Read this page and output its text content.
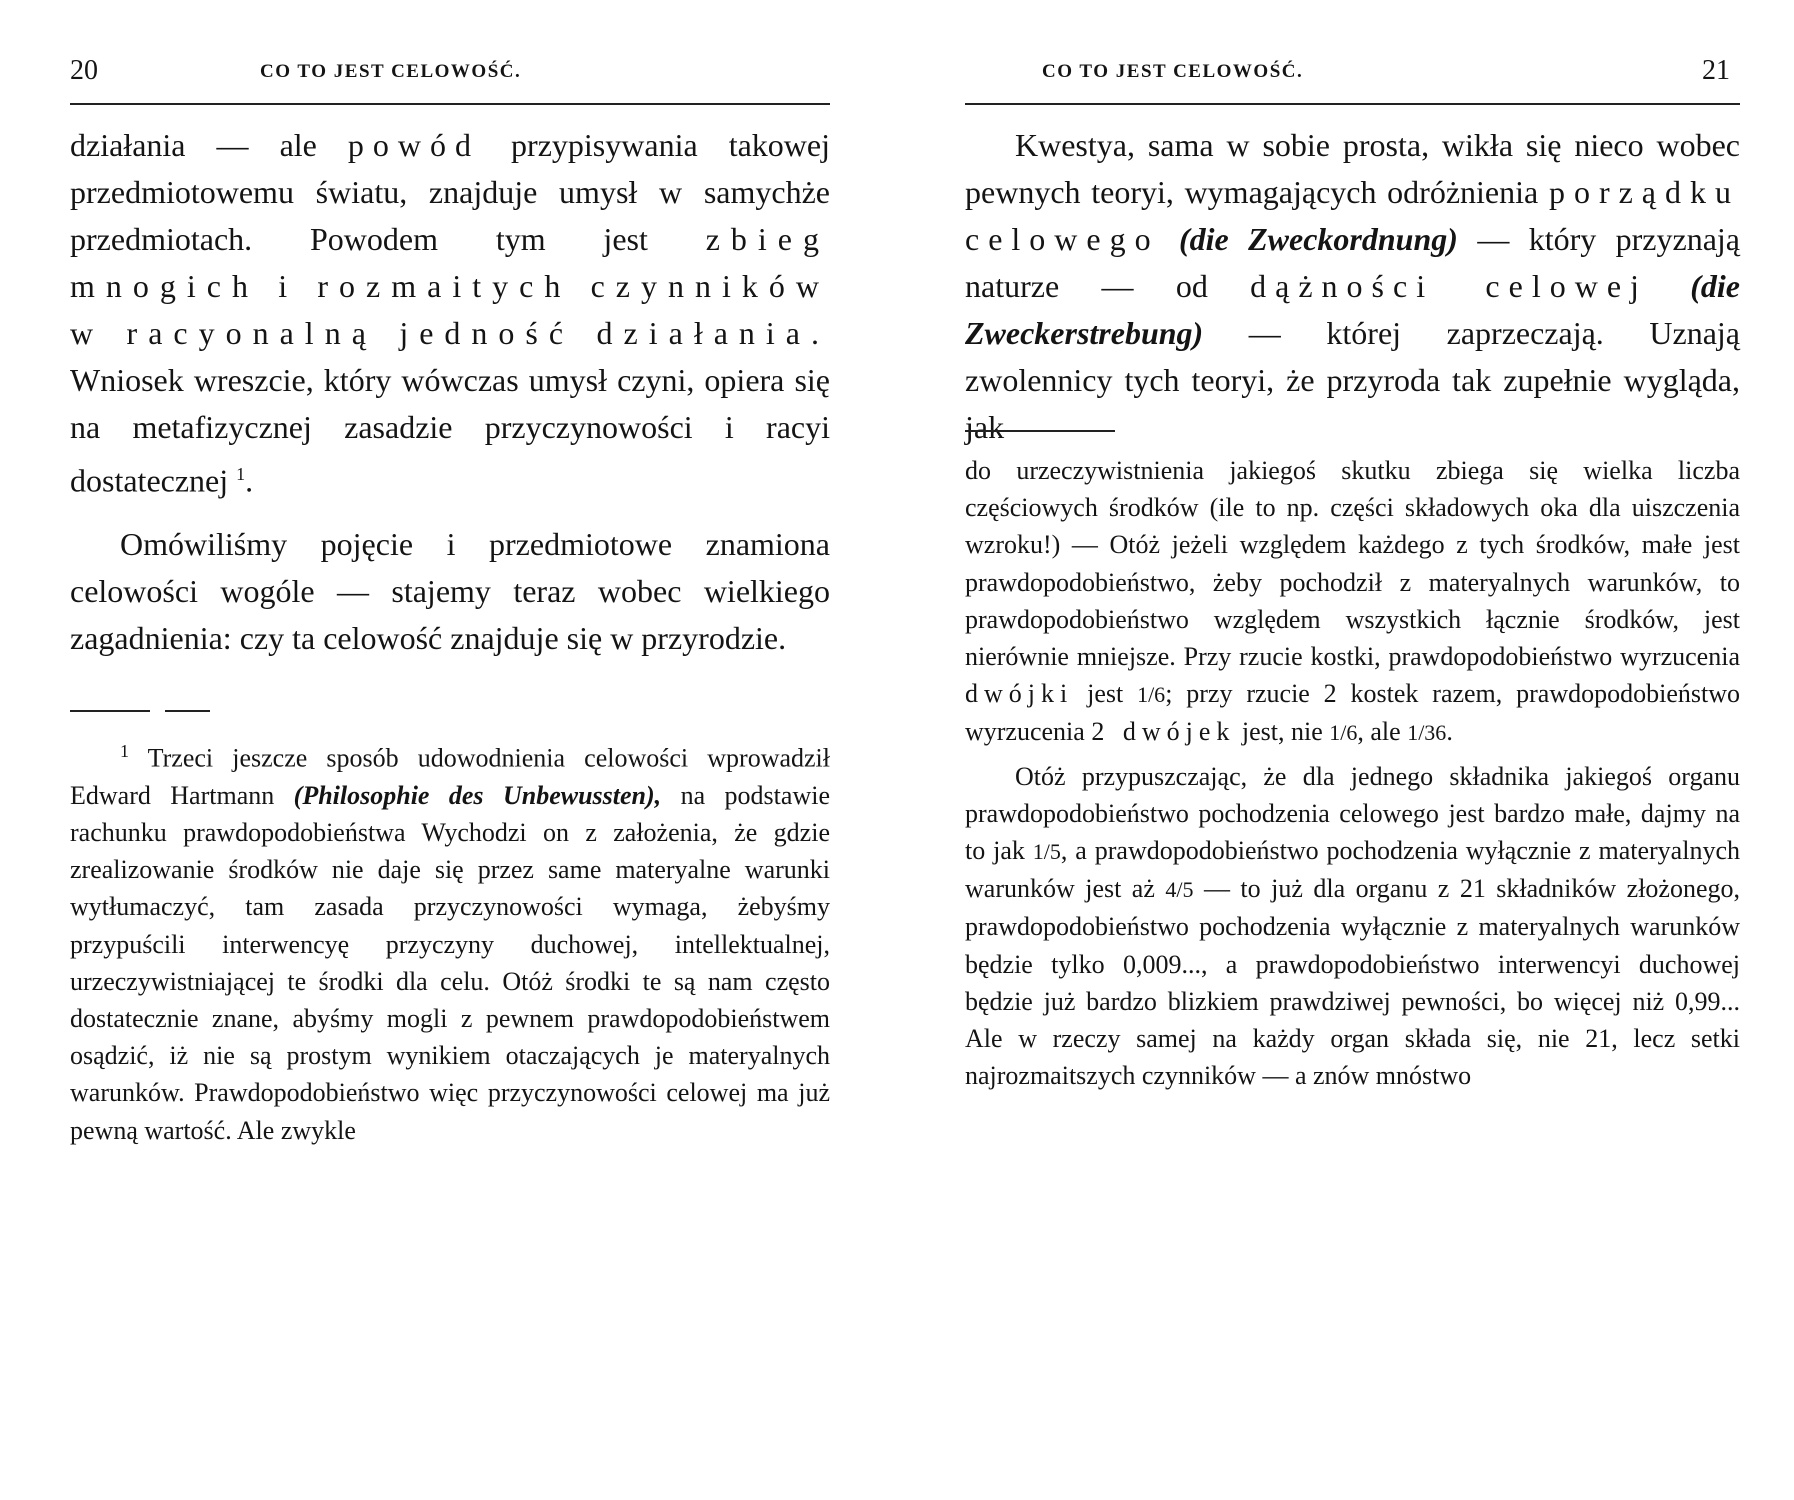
20	CO TO JEST CELOWOŚĆ.

działania — ale powód przypisywania takowej przedmiotowemu światu, znajduje umysł w samychże przedmiotach. Powodem tym jest zbieg mnogich i rozmaitych czynników w racyonalną jedność działania. Wniosek wreszcie, który wówczas umysł czyni, opiera się na metafizycznej zasadzie przyczynowości i racyi dostatecznej $^1$.

Omówiliśmy pojęcie i przedmiotowe znamiona celowości wogóle — stajemy teraz wobec wielkiego zagadnienia: czy ta celowość znajduje się w przyrodzie.

$^1$ Trzeci jeszcze sposób udowodnienia celowości wprowadził Edward Hartmann (Philosophie des Unbewussten), na podstawie rachunku prawdopodobieństwa Wychodzi on z założenia, że gdzie zrealizowanie środków nie daje się przez same materyalne warunki wytłumaczyć, tam zasada przyczynowości wymaga, żebyśmy przypuścili interwencyę przyczyny duchowej, intellektualnej, urzeczywistniającej te środki dla celu. Otóż środki te są nam często dostatecznie znane, abyśmy mogli z pewnem prawdopodobieństwem osądzić, iż nie są prostym wynikiem otaczających je materyalnych warunków. Prawdopodobieństwo więc przyczynowości celowej ma już pewną wartość. Ale zwykle

CO TO JEST CELOWOŚĆ.	21

Kwestya, sama w sobie prosta, wikła się nieco wobec pewnych teoryi, wymagających odróżnienia porządku celowego (die Zweckordnung) — który przyznają naturze — od dążności celowej (die Zweckerstrebung) — której zaprzeczają. Uznają zwolennicy tych teoryi, że przyroda tak zupełnie wygląda, jak

do urzeczywistnienia jakiegoś skutku zbiega się wielka liczba częściowych środków (ile to np. części składowych oka dla uiszczenia wzroku!) — Otóż jeżeli względem każdego z tych środków, małe jest prawdopodobieństwo, żeby pochodził z materyalnych warunków, to prawdopodobieństwo względem wszystkich łącznie środków, jest nierównie mniejsze. Przy rzucie kostki, prawdopodobieństwo wyrzucenia dwójki jest 1/6; przy rzucie 2 kostek razem, prawdopodobieństwo wyrzucenia 2 dwójek jest, nie 1/6, ale 1/36.

Otóż przypuszczając, że dla jednego składnika jakiegoś organu prawdopodobieństwo pochodzenia celowego jest bardzo małe, dajmy na to jak 1/5, a prawdopodobieństwo pochodzenia wyłącznie z materyalnych warunków jest aż 4/5 — to już dla organu z 21 składników złożonego, prawdopodobieństwo pochodzenia wyłącznie z materyalnych warunków będzie tylko 0,009..., a prawdopodobieństwo interwencyi duchowej będzie już bardzo blizkiem prawdziwej pewności, bo więcej niż 0,99... Ale w rzeczy samej na każdy organ składa się, nie 21, lecz setki najrozmaitszych czynników — a znów mnóstwo
